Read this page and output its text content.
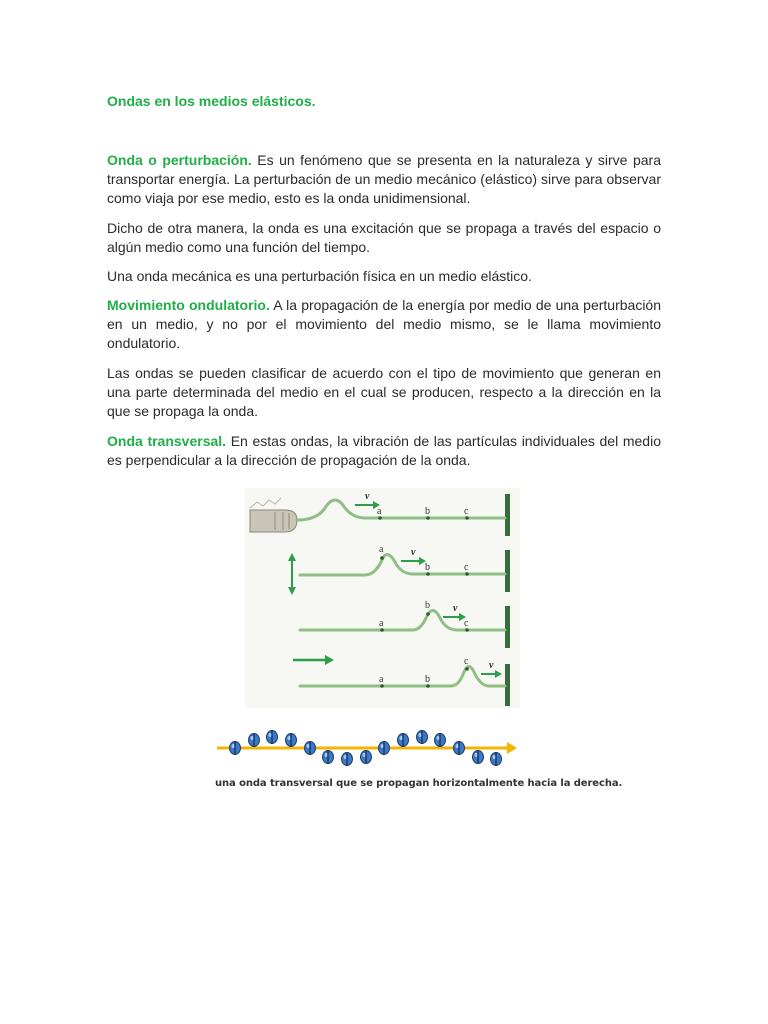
Ondas en los medios elásticos.

Onda o perturbación. Es un fenómeno que se presenta en la naturaleza y sirve para transportar energía. La perturbación de un medio mecánico (elástico) sirve para observar como viaja por ese medio, esto es la onda unidimensional.

Dicho de otra manera, la onda es una excitación que se propaga a través del espacio o algún medio como una función del tiempo.

Una onda mecánica es una perturbación física en un medio elástico.

Movimiento ondulatorio. A la propagación de la energía por medio de una perturbación en un medio, y no por el movimiento del medio mismo, se le llama movimiento ondulatorio.

Las ondas se pueden clasificar de acuerdo con el tipo de movimiento que generan en una parte determinada del medio en el cual se producen, respecto a la dirección en la que se propaga la onda.

Onda transversal. En estas ondas, la vibración de las partículas individuales del medio es perpendicular a la dirección de propagación de la onda.

a	b	c
a
b	c
a
b
c
a	b
c
v
v
v
v

una onda transversal que se propagan horizontalmente hacia la derecha.
